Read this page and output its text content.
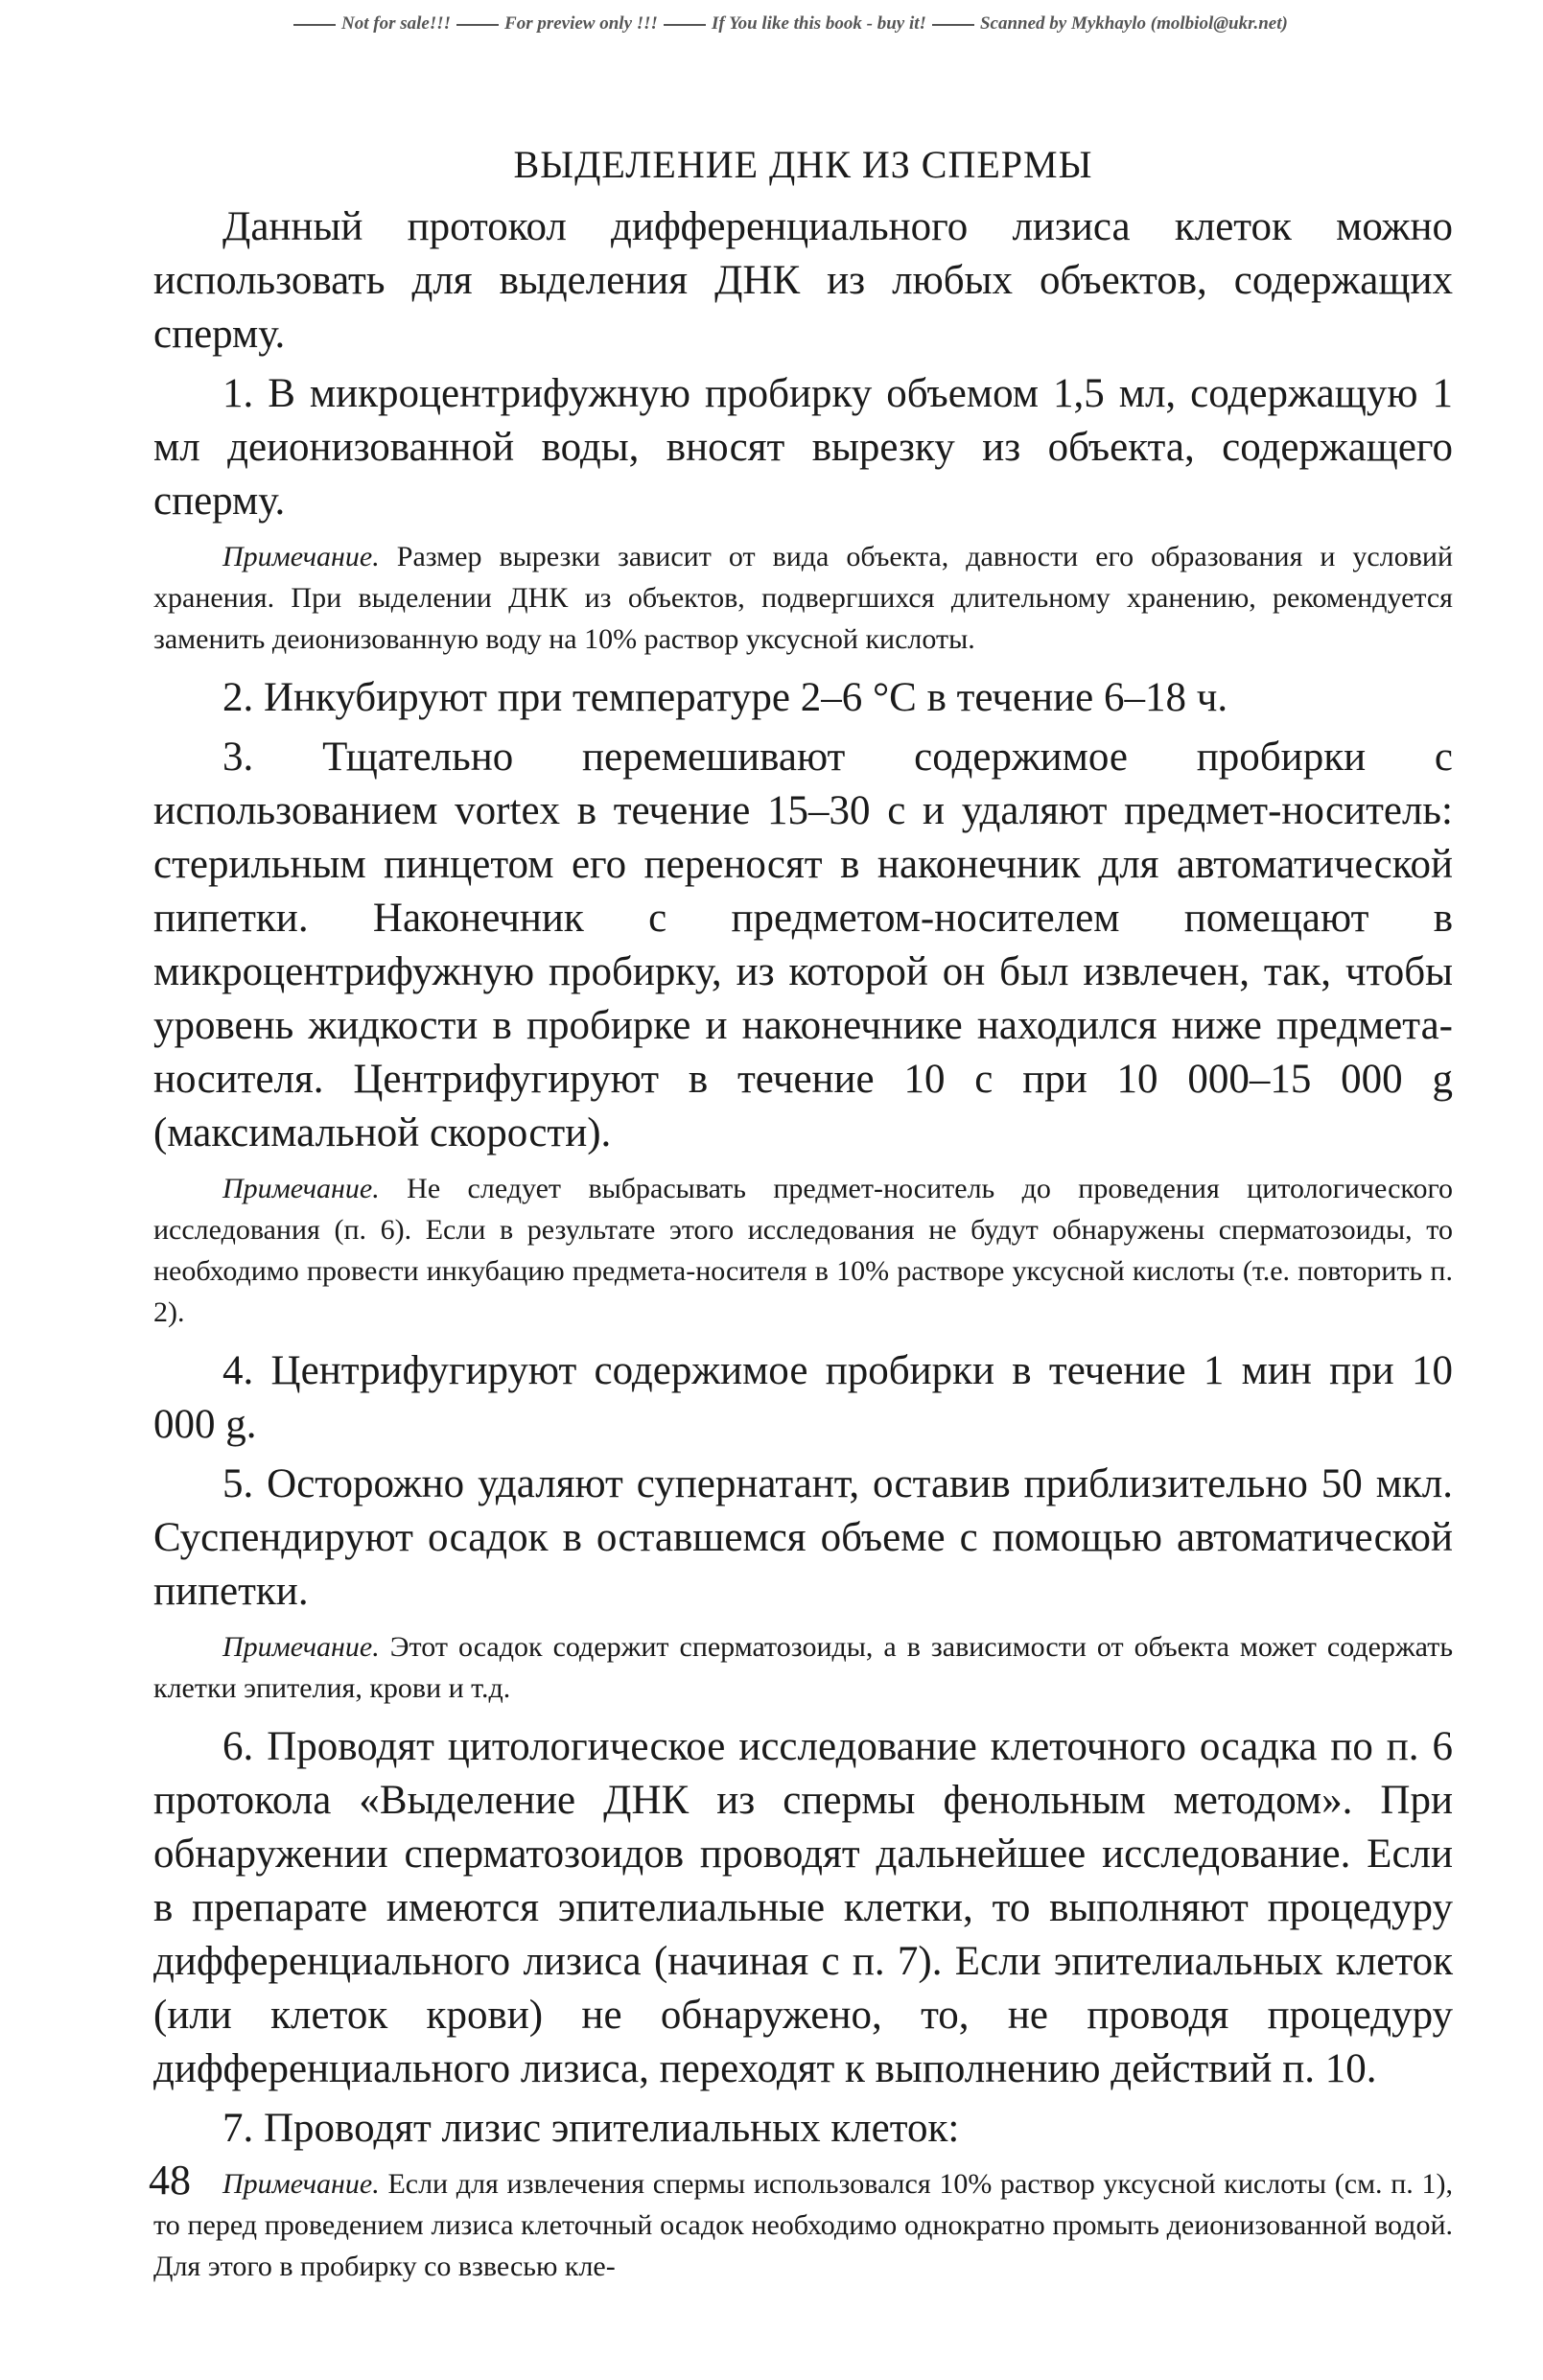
Not for sale!!!	For preview only !!!	If You like this book - buy it!	Scanned by Mykhaylo (molbiol@ukr.net)
ВЫДЕЛЕНИЕ ДНК ИЗ СПЕРМЫ

Данный протокол дифференциального лизиса клеток можно использовать для выделения ДНК из любых объектов, содержащих сперму.

1. В микроцентрифужную пробирку объемом 1,5 мл, содержащую 1 мл деионизованной воды, вносят вырезку из объекта, содержащего сперму.

Примечание. Размер вырезки зависит от вида объекта, давности его образования и условий хранения. При выделении ДНК из объектов, подвергшихся длительному хранению, рекомендуется заменить деионизованную воду на 10% раствор уксусной кислоты.

2. Инкубируют при температуре 2–6 °С в течение 6–18 ч.

3. Тщательно перемешивают содержимое пробирки с использованием vortex в течение 15–30 с и удаляют предмет-носитель: стерильным пинцетом его переносят в наконечник для автоматической пипетки. Наконечник с предметом-носителем помещают в микроцентрифужную пробирку, из которой он был извлечен, так, чтобы уровень жидкости в пробирке и наконечнике находился ниже предмета-носителя. Центрифугируют в течение 10 с при 10 000–15 000 g (максимальной скорости).

Примечание. Не следует выбрасывать предмет-носитель до проведения цитологического исследования (п. 6). Если в результате этого исследования не будут обнаружены сперматозоиды, то необходимо провести инкубацию предмета-носителя в 10% растворе уксусной кислоты (т.е. повторить п. 2).

4. Центрифугируют содержимое пробирки в течение 1 мин при 10 000 g.

5. Осторожно удаляют супернатант, оставив приблизительно 50 мкл. Суспендируют осадок в оставшемся объеме с помощью автоматической пипетки.

Примечание. Этот осадок содержит сперматозоиды, а в зависимости от объекта может содержать клетки эпителия, крови и т.д.

6. Проводят цитологическое исследование клеточного осадка по п. 6 протокола «Выделение ДНК из спермы фенольным методом». При обнаружении сперматозоидов проводят дальнейшее исследование. Если в препарате имеются эпителиальные клетки, то выполняют процедуру дифференциального лизиса (начиная с п. 7). Если эпителиальных клеток (или клеток крови) не обнаружено, то, не проводя процедуру дифференциального лизиса, переходят к выполнению действий п. 10.

7. Проводят лизис эпителиальных клеток:

Примечание. Если для извлечения спермы использовался 10% раствор уксусной кислоты (см. п. 1), то перед проведением лизиса клеточный осадок необходимо однократно промыть деионизованной водой. Для этого в пробирку со взвесью кле-

48
